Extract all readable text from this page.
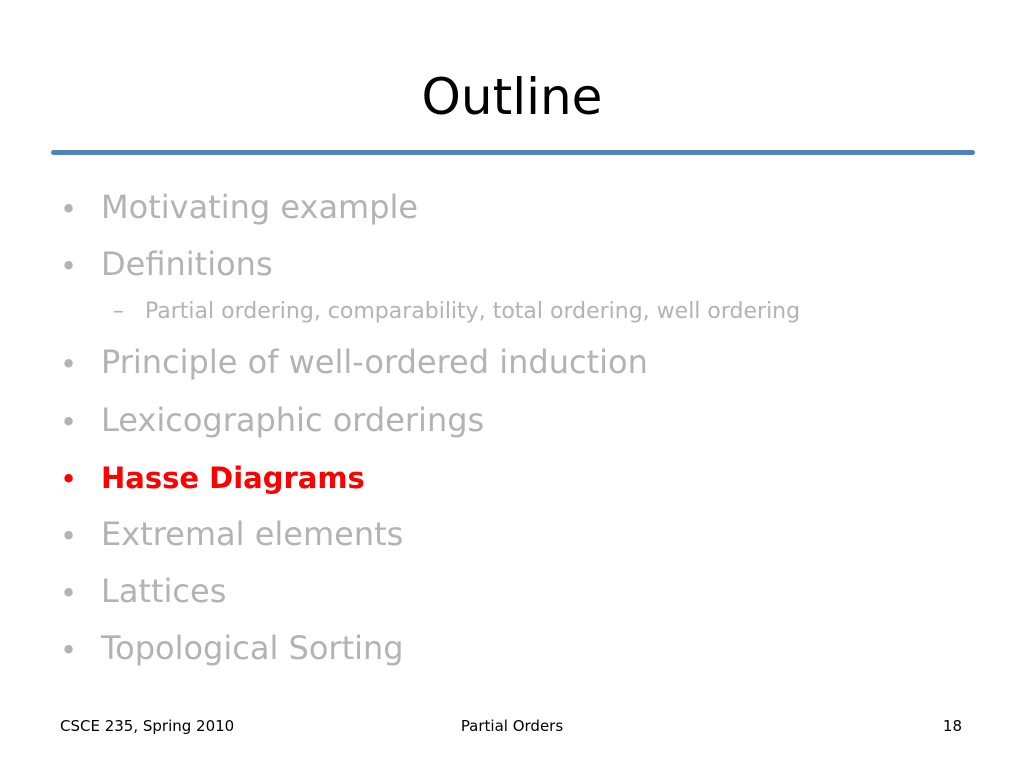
Outline
• Motivating example
• Definitions
– Partial ordering, comparability, total ordering, well ordering
• Principle of well-ordered induction
• Lexicographic orderings
• Hasse Diagrams
• Extremal elements
• Lattices
• Topological Sorting
CSCE 235, Spring 2010	Partial Orders	18
